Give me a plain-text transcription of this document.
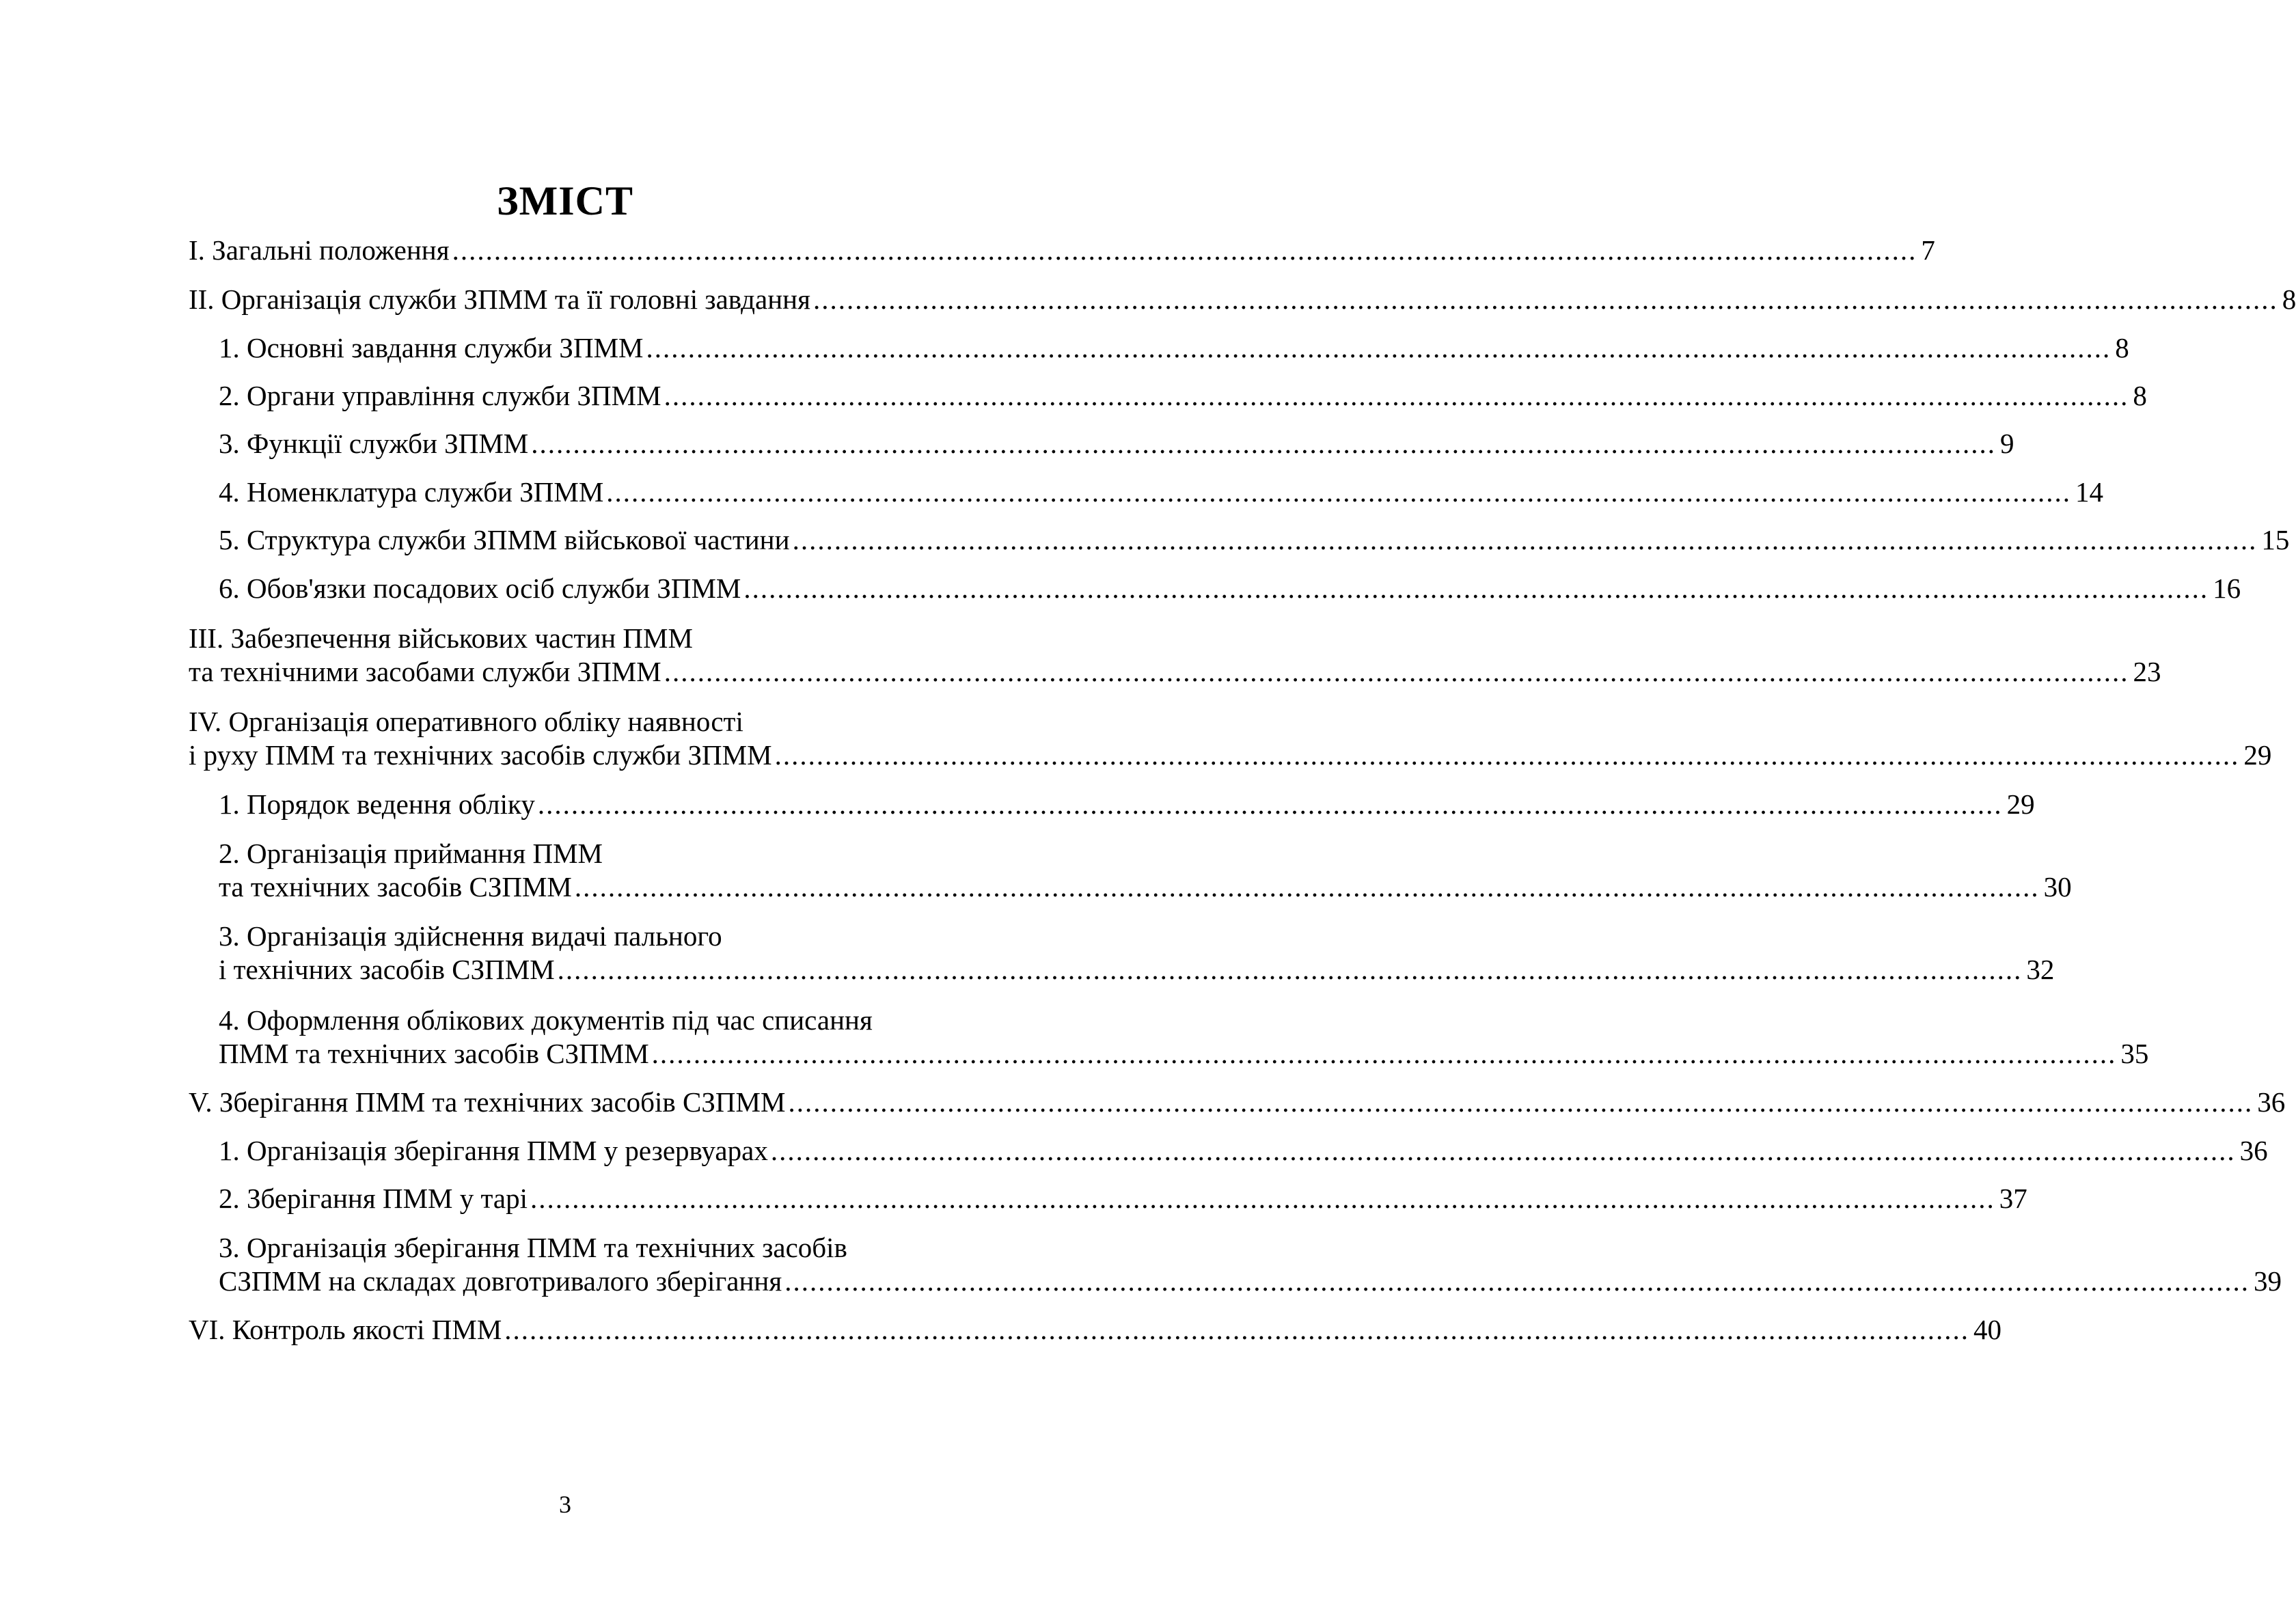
ЗМІСТ
I. Загальні положення ............................................................................................................................................................................... 7
II. Організація служби ЗПММ та її головні завдання ............................................................................................................................................................................... 8
1. Основні завдання служби ЗПММ ............................................................................................................................................................................... 8
2. Органи управління служби ЗПММ ............................................................................................................................................................................... 8
3. Функції служби ЗПММ ............................................................................................................................................................................... 9
4. Номенклатура служби ЗПММ ............................................................................................................................................................................... 14
5. Структура служби ЗПММ військової частини ............................................................................................................................................................................... 15
6. Обов'язки посадових осіб служби ЗПММ ............................................................................................................................................................................... 16
III. Забезпечення військових частин ПММ
та технічними засобами служби ЗПММ ............................................................................................................................................................................... 23
IV. Організація оперативного обліку наявності
і руху ПММ та технічних засобів служби ЗПММ ............................................................................................................................................................................... 29
1. Порядок ведення обліку ............................................................................................................................................................................... 29
2. Організація приймання ПММ
та технічних засобів СЗПММ ............................................................................................................................................................................... 30
3. Організація здійснення видачі пального
і технічних засобів СЗПММ ............................................................................................................................................................................... 32
4. Оформлення облікових документів під час списання
ПММ та технічних засобів СЗПММ ............................................................................................................................................................................... 35
V. Зберігання ПММ та технічних засобів СЗПММ ............................................................................................................................................................................... 36
1. Організація зберігання ПММ у резервуарах ............................................................................................................................................................................... 36
2. Зберігання ПММ у тарі ............................................................................................................................................................................... 37
3. Організація зберігання ПММ та технічних засобів
СЗПММ на складах довготривалого зберігання ............................................................................................................................................................................... 39
VI. Контроль якості ПММ ............................................................................................................................................................................... 40
3
